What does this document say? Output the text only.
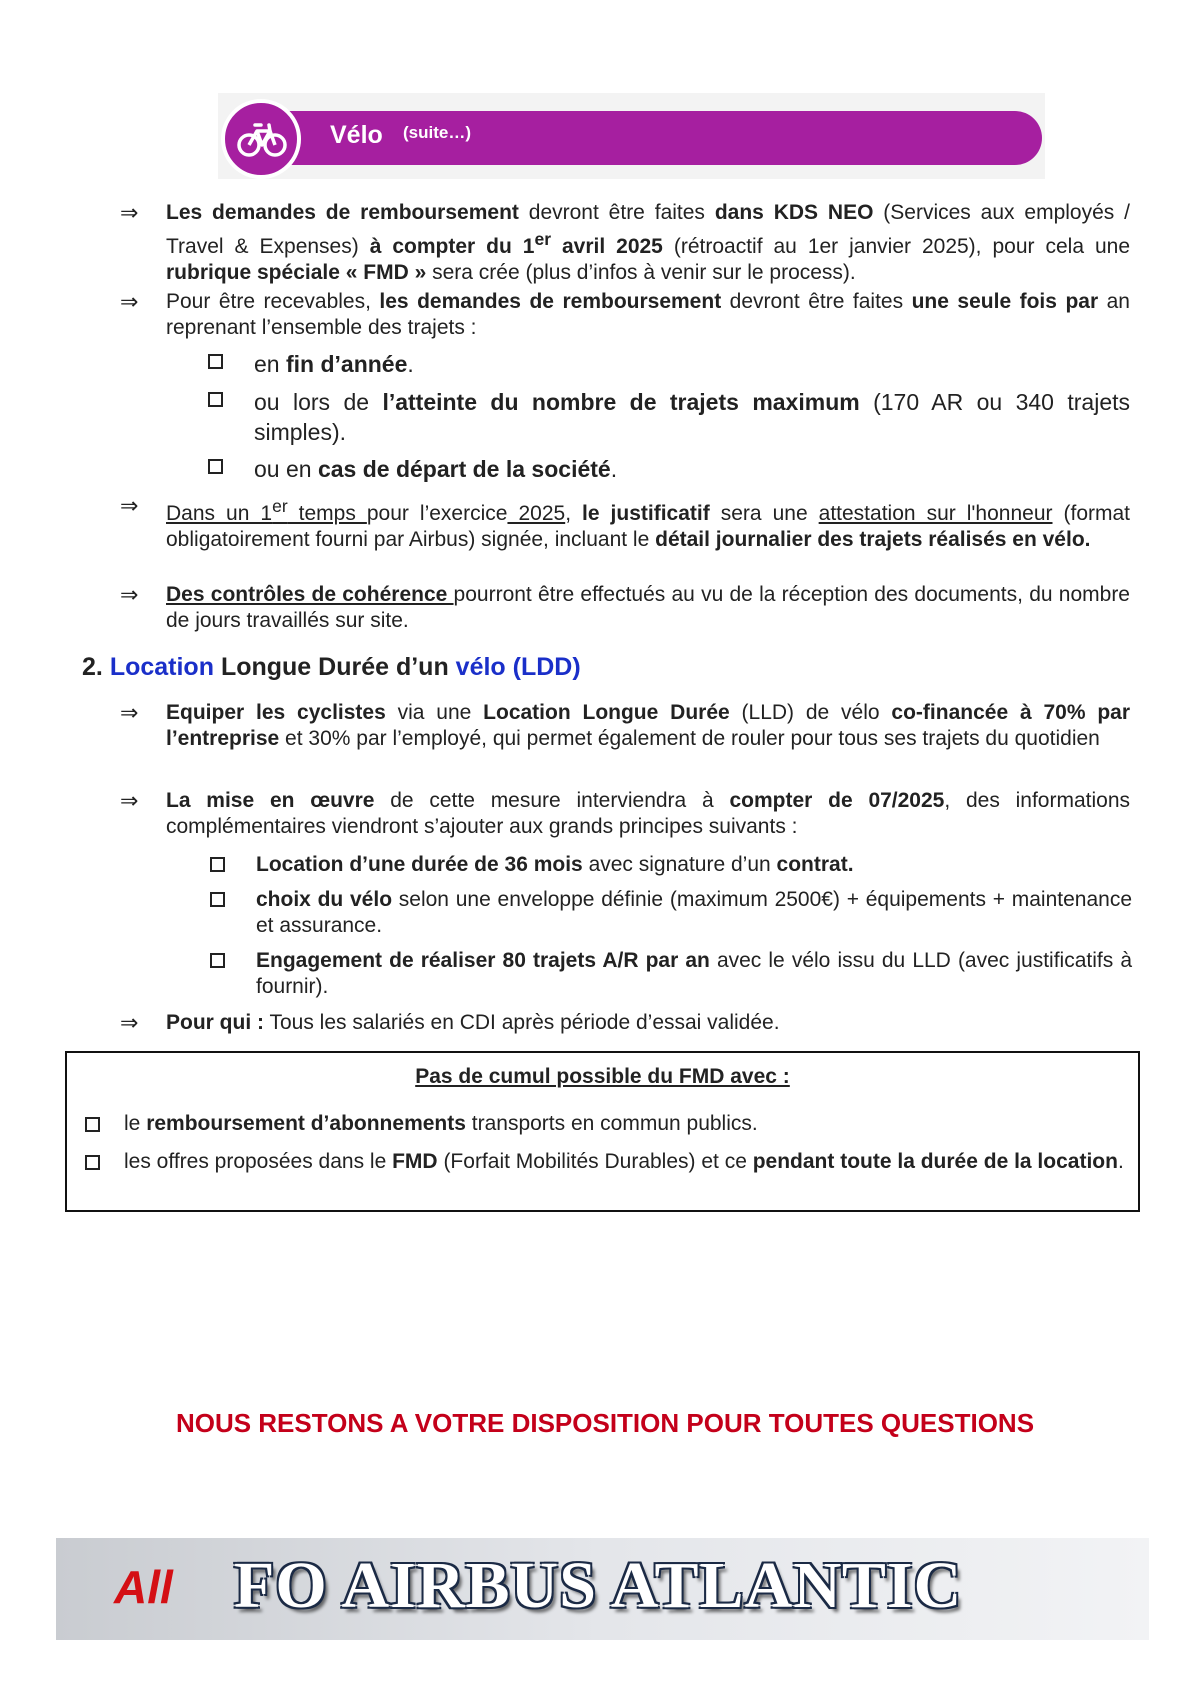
Vélo (suite…)
⇒ Les demandes de remboursement devront être faites dans KDS NEO (Services aux employés / Travel & Expenses) à compter du 1er avril 2025 (rétroactif au 1er janvier 2025), pour cela une rubrique spéciale « FMD » sera crée (plus d’infos à venir sur le process).
⇒ Pour être recevables, les demandes de remboursement devront être faites une seule fois par an reprenant l’ensemble des trajets :
en fin d’année.
ou lors de l’atteinte du nombre de trajets maximum (170 AR ou 340 trajets simples).
ou en cas de départ de la société.
⇒ Dans un 1er temps pour l’exercice 2025, le justificatif sera une attestation sur l'honneur (format obligatoirement fourni par Airbus) signée, incluant le détail journalier des trajets réalisés en vélo.
⇒ Des contrôles de cohérence pourront être effectués au vu de la réception des documents, du nombre de jours travaillés sur site.
2. Location Longue Durée d’un vélo (LDD)
⇒ Equiper les cyclistes via une Location Longue Durée (LLD) de vélo co-financée à 70% par l’entreprise et 30% par l’employé, qui permet également de rouler pour tous ses trajets du quotidien
⇒ La mise en œuvre de cette mesure interviendra à compter de 07/2025, des informations complémentaires viendront s’ajouter aux grands principes suivants :
Location d’une durée de 36 mois avec signature d’un contrat.
choix du vélo selon une enveloppe définie (maximum 2500€) + équipements + maintenance et assurance.
Engagement de réaliser 80 trajets A/R par an avec le vélo issu du LLD (avec justificatifs à fournir).
⇒ Pour qui : Tous les salariés en CDI après période d’essai validée.
Pas de cumul possible du FMD avec :
le remboursement d’abonnements transports en commun publics.
les offres proposées dans le FMD (Forfait Mobilités Durables) et ce pendant toute la durée de la location.
NOUS RESTONS A VOTRE DISPOSITION POUR TOUTES QUESTIONS
All FO AIRBUS ATLANTIC
